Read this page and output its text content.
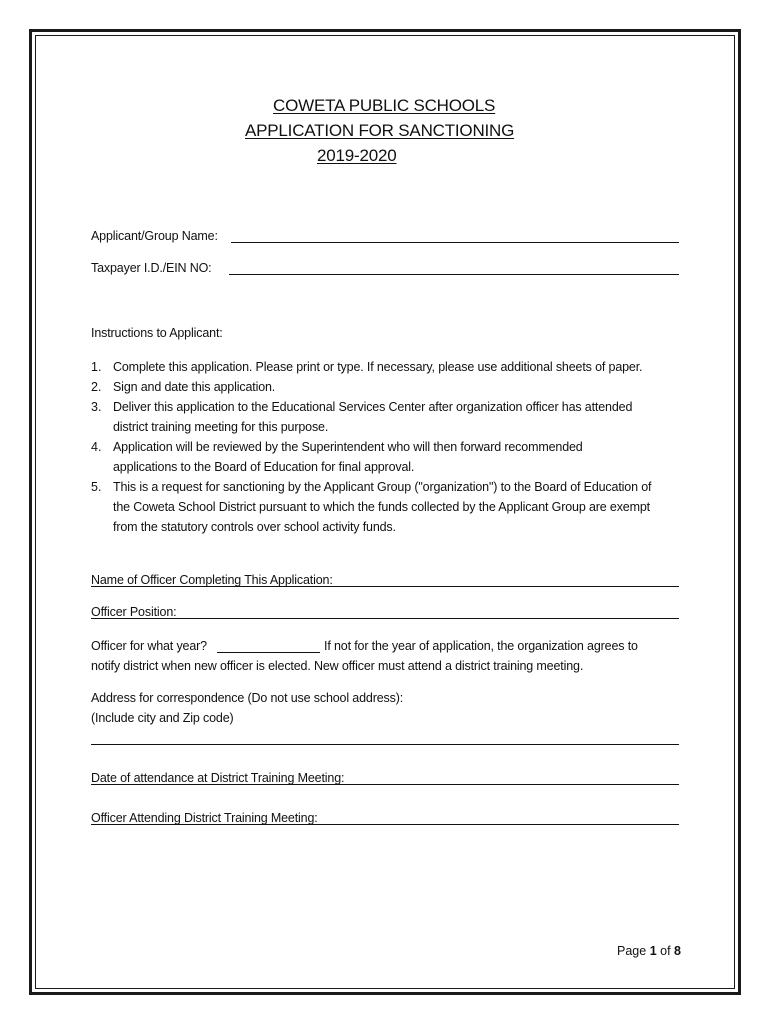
COWETA PUBLIC SCHOOLS
APPLICATION FOR SANCTIONING
2019-2020
Applicant/Group Name:
Taxpayer I.D./EIN NO:
Instructions to Applicant:
1. Complete this application. Please print or type. If necessary, please use additional sheets of paper.
2. Sign and date this application.
3. Deliver this application to the Educational Services Center after organization officer has attended
district training meeting for this purpose.
4. Application will be reviewed by the Superintendent who will then forward recommended
applications to the Board of Education for final approval.
5. This is a request for sanctioning by the Applicant Group ("organization") to the Board of Education of
the Coweta School District pursuant to which the funds collected by the Applicant Group are exempt
from the statutory controls over school activity funds.
Name of Officer Completing This Application:
Officer Position:
Officer for what year?	If not for the year of application, the organization agrees to
notify district when new officer is elected. New officer must attend a district training meeting.
Address for correspondence (Do not use school address):
(Include city and Zip code)
Date of attendance at District Training Meeting:
Officer Attending District Training Meeting:
Page 1 of 8
